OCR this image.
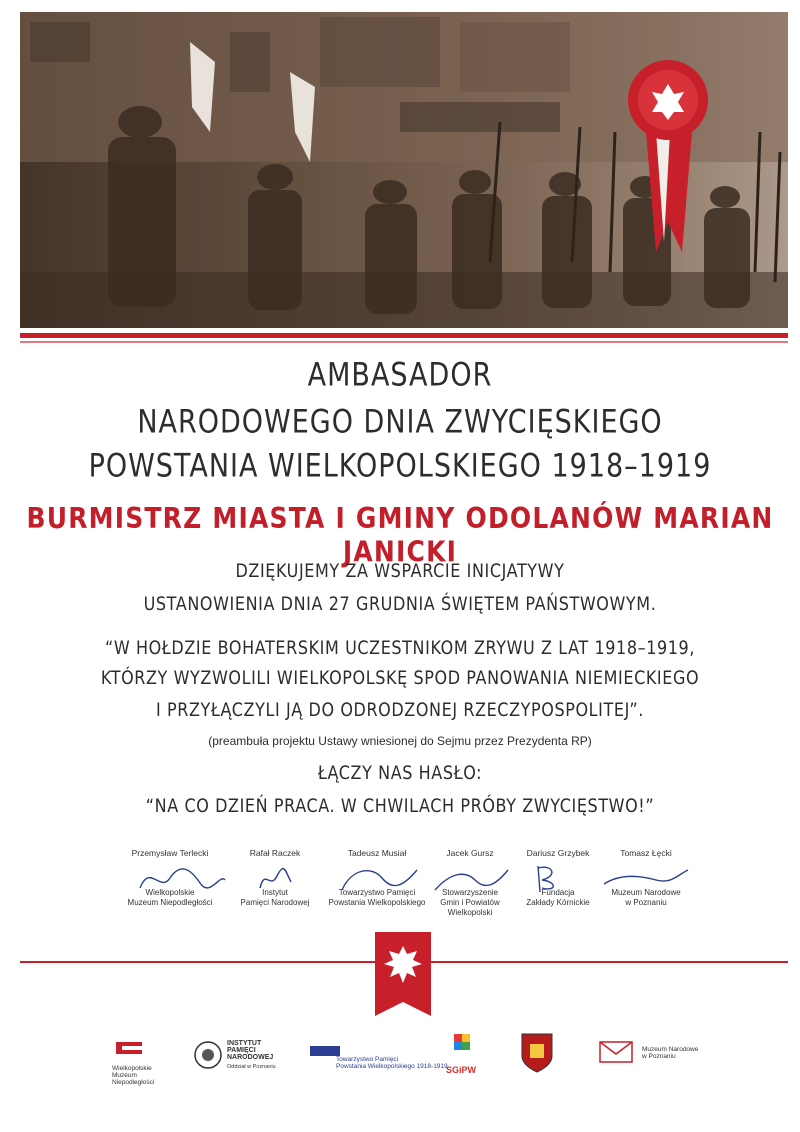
AMBASADOR
NARODOWEGO DNIA ZWYCIĘSKIEGO
POWSTANIA WIELKOPOLSKIEGO 1918–1919
BURMISTRZ MIASTA I GMINY ODOLANÓW MARIAN JANICKI
DZIĘKUJEMY ZA WSPARCIE INICJATYWY
USTANOWIENIA DNIA 27 GRUDNIA ŚWIĘTEM PAŃSTWOWYM.
“W HOŁDZIE BOHATERSKIM UCZESTNIKOM ZRYWU Z LAT 1918–1919,
KTÓRZY WYZWOLILI WIELKOPOLSKĘ SPOD PANOWANIA NIEMIECKIEGO
I PRZYŁĄCZYLI JĄ DO ODRODZONEJ RZECZYPOSPOLITEJ”.
(preambuła projektu Ustawy wniesionej do Sejmu przez Prezydenta RP)
ŁĄCZY NAS HASŁO:
“NA CO DZIEŃ PRACA. W CHWILACH PRÓBY ZWYCIĘSTWO!”
Przemysław Terlecki
Wielkopolskie
Muzeum Niepodległości
Rafał Raczek
Instytut
Pamięci Narodowej
Tadeusz Musiał
Towarzystwo Pamięci
Powstania Wielkopolskiego
Jacek Gursz
Stowarzyszenie
Gmin i Powiatów
Wielkopolski
Dariusz Grzybek
Fundacja
Zakłady Kórnickie
Tomasz Łęcki
Muzeum Narodowe
w Poznaniu
Wielkopolskie
Muzeum
Niepodległości
INSTYTUT
PAMIĘCI
NARODOWEJ
Oddział w Poznaniu
Towarzystwo Pamięci
Powstania Wielkopolskiego 1918-1919
SGiPW
Muzeum Narodowe
w Poznaniu
